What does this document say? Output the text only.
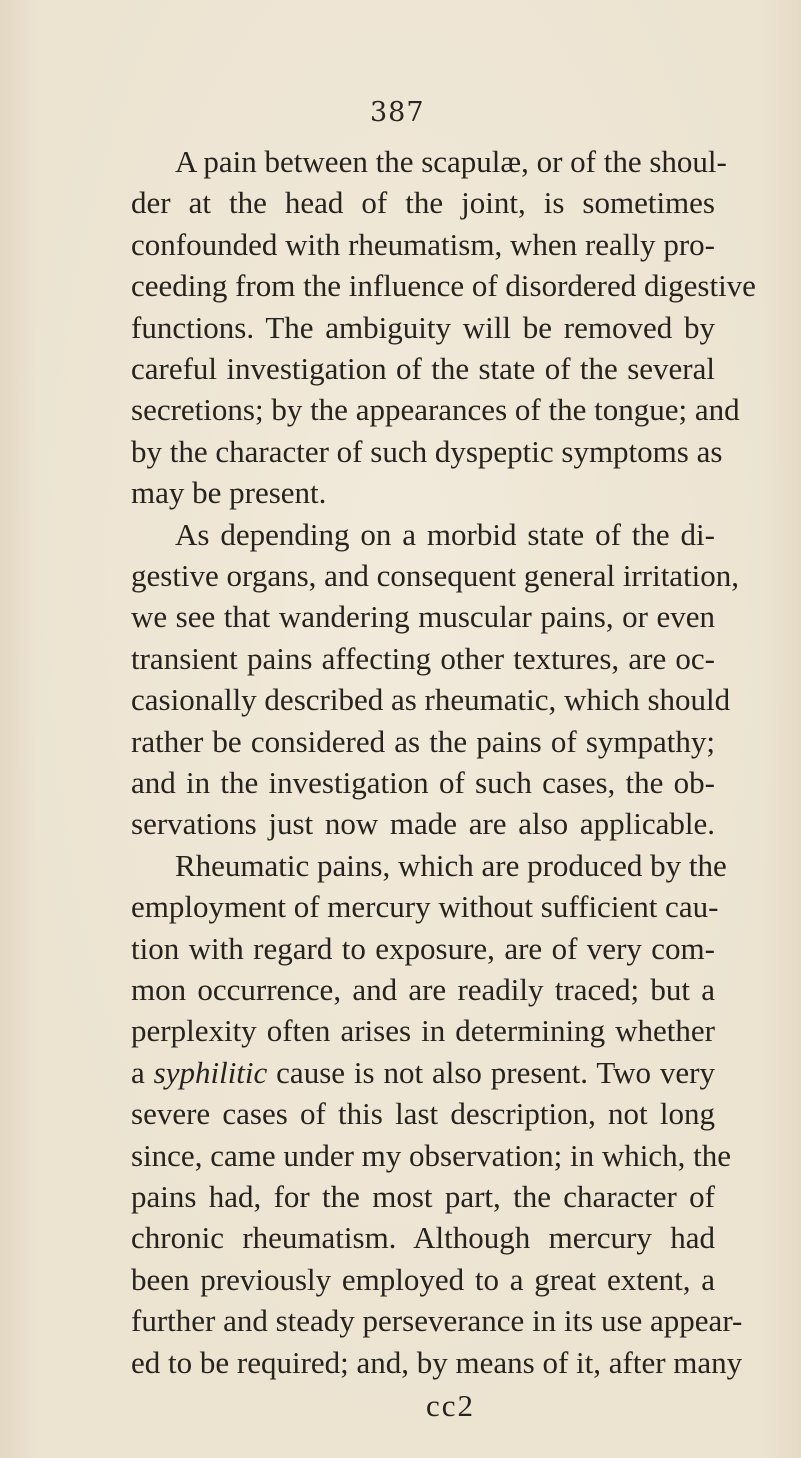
387
A pain between the scapulæ, or of the shoul-
der at the head of the joint, is sometimes
confounded with rheumatism, when really pro-
ceeding from the influence of disordered digestive
functions. The ambiguity will be removed by
careful investigation of the state of the several
secretions; by the appearances of the tongue; and
by the character of such dyspeptic symptoms as
may be present.
As depending on a morbid state of the di-
gestive organs, and consequent general irritation,
we see that wandering muscular pains, or even
transient pains affecting other textures, are oc-
casionally described as rheumatic, which should
rather be considered as the pains of sympathy;
and in the investigation of such cases, the ob-
servations just now made are also applicable.
Rheumatic pains, which are produced by the
employment of mercury without sufficient cau-
tion with regard to exposure, are of very com-
mon occurrence, and are readily traced; but a
perplexity often arises in determining whether
a syphilitic cause is not also present. Two very
severe cases of this last description, not long
since, came under my observation; in which, the
pains had, for the most part, the character of
chronic rheumatism. Although mercury had
been previously employed to a great extent, a
further and steady perseverance in its use appear-
ed to be required; and, by means of it, after many
cc2
